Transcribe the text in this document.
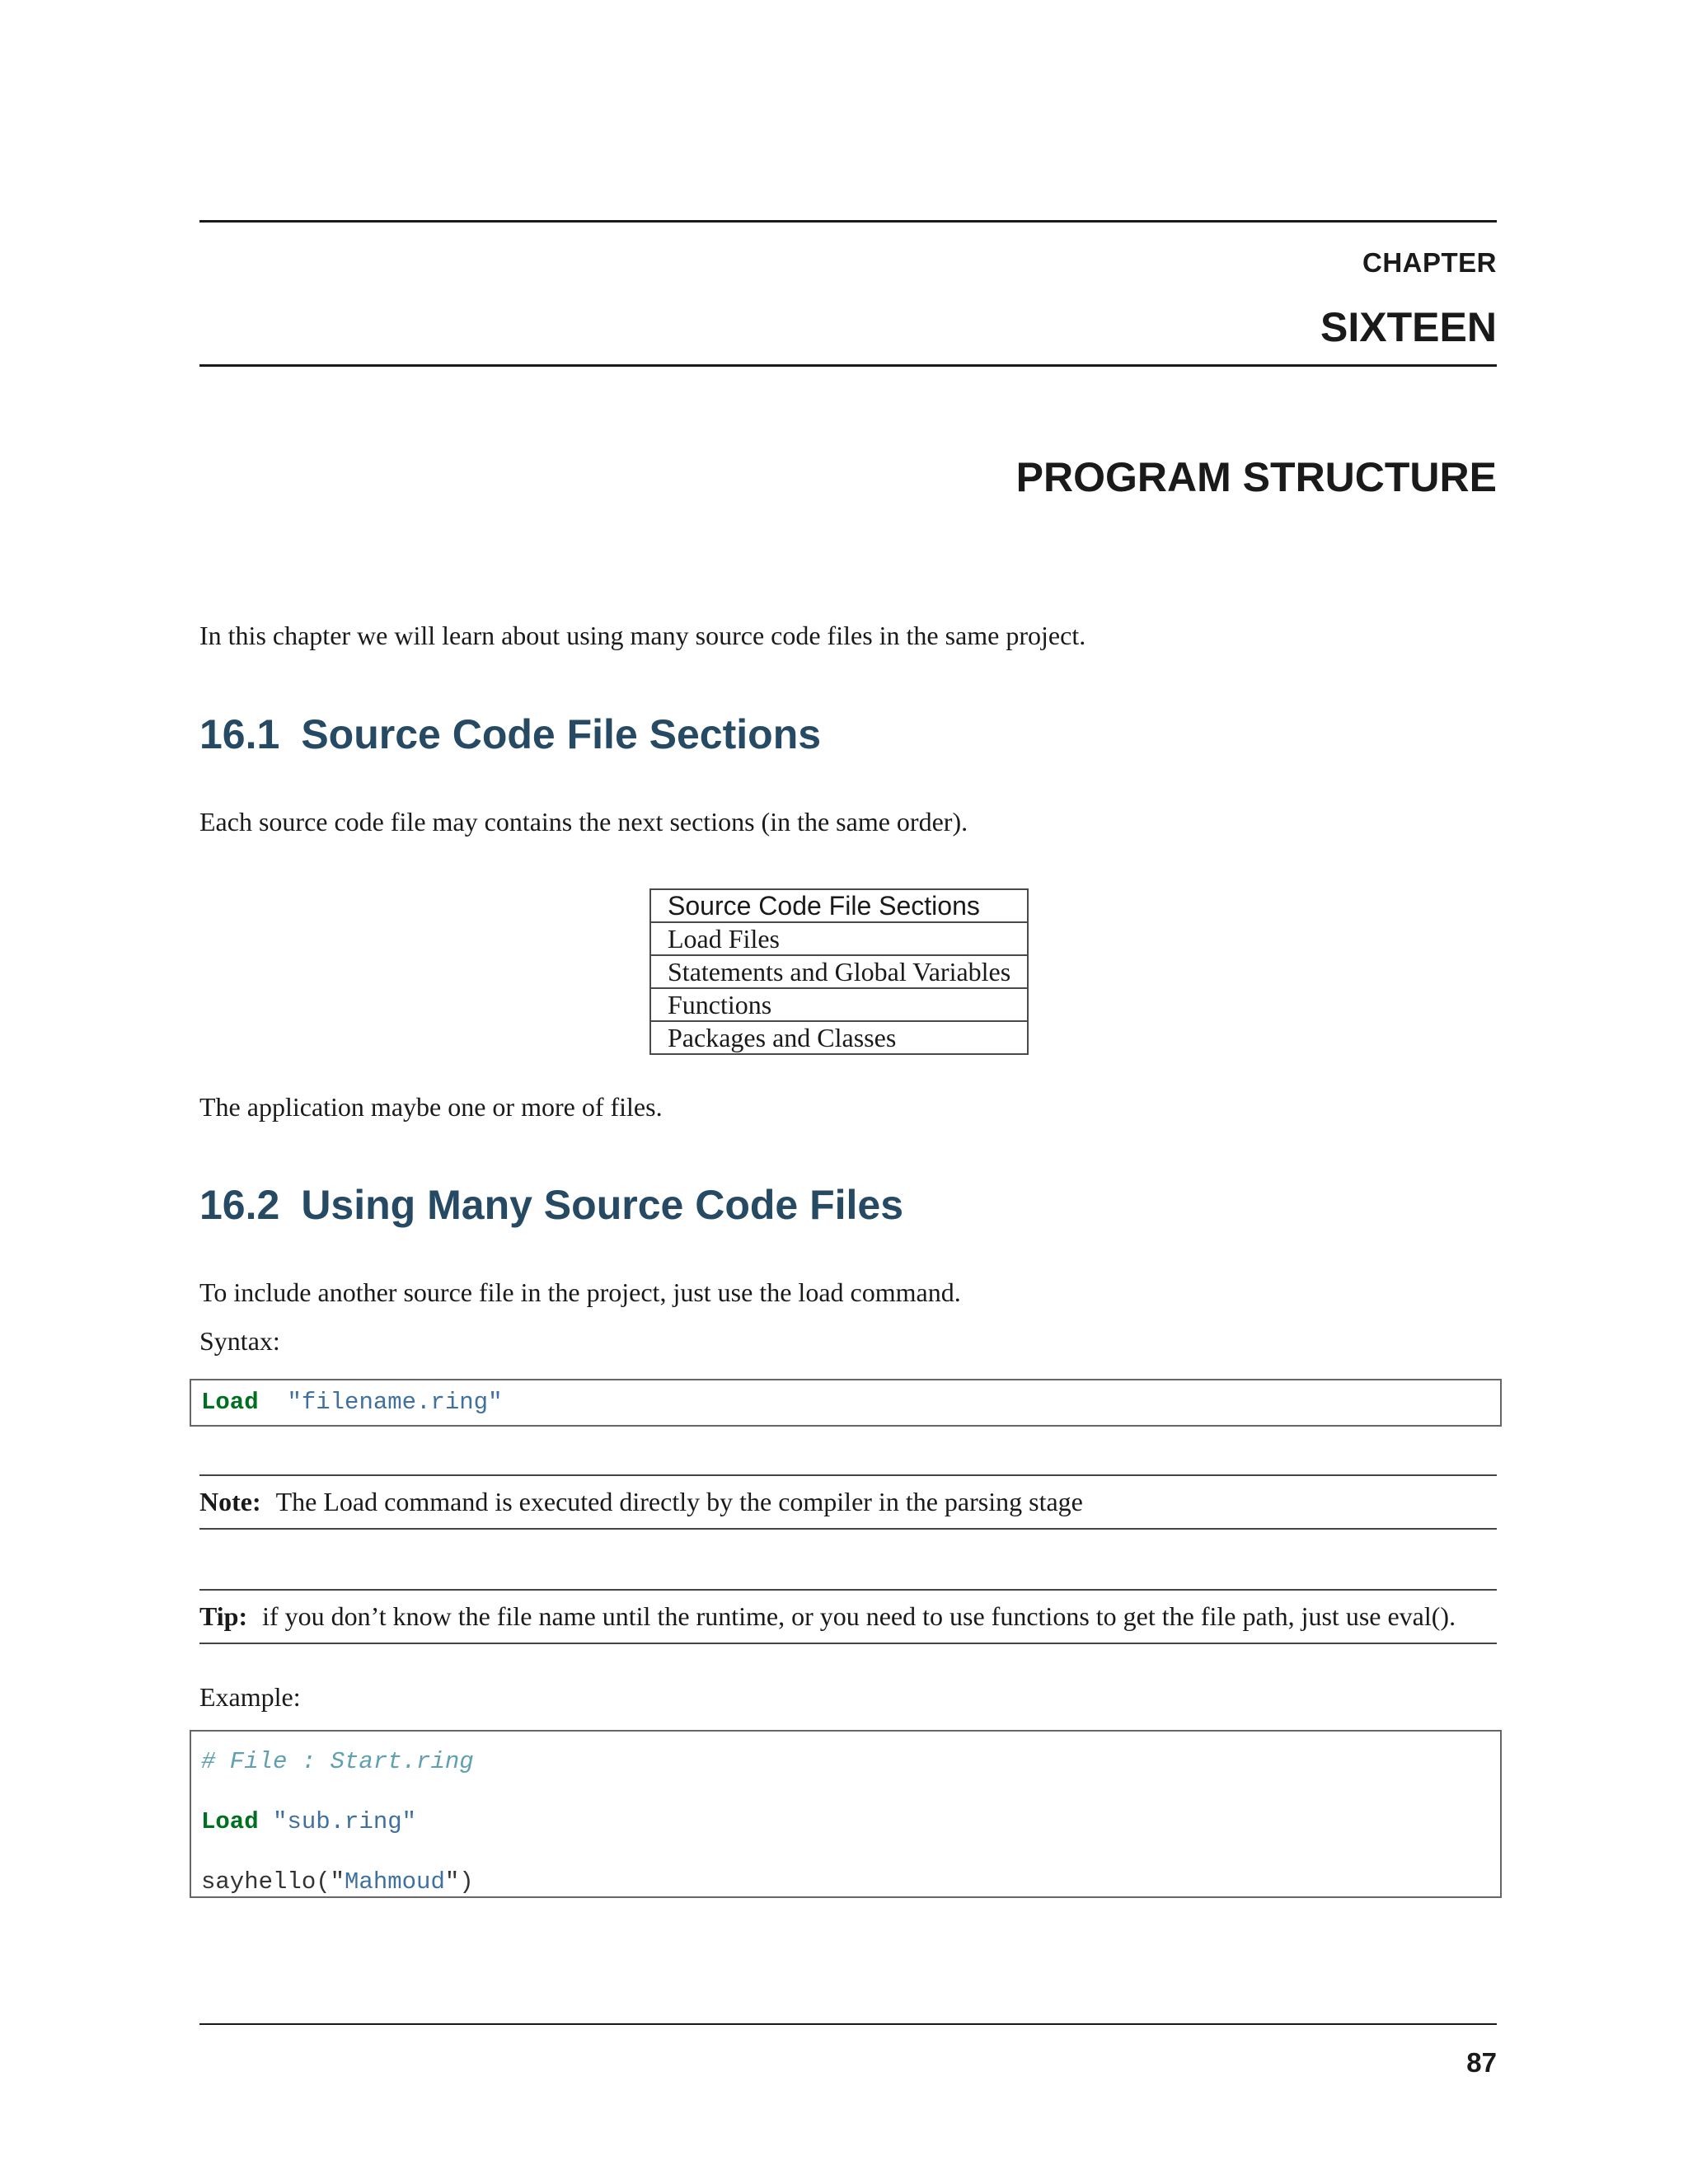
CHAPTER

SIXTEEN

PROGRAM STRUCTURE

In this chapter we will learn about using many source code files in the same project.

16.1 Source Code File Sections

Each source code file may contains the next sections (in the same order).

Source Code File Sections
Load Files
Statements and Global Variables
Functions
Packages and Classes

The application maybe one or more of files.

16.2 Using Many Source Code Files

To include another source file in the project, just use the load command.

Syntax:

Load "filename.ring"
Note: The Load command is executed directly by the compiler in the parsing stage
Tip: if you don’t know the file name until the runtime, or you need to use functions to get the file path, just use eval().

Example:

# File : Start.ring
Load "sub.ring"
sayhello("Mahmoud")

87
